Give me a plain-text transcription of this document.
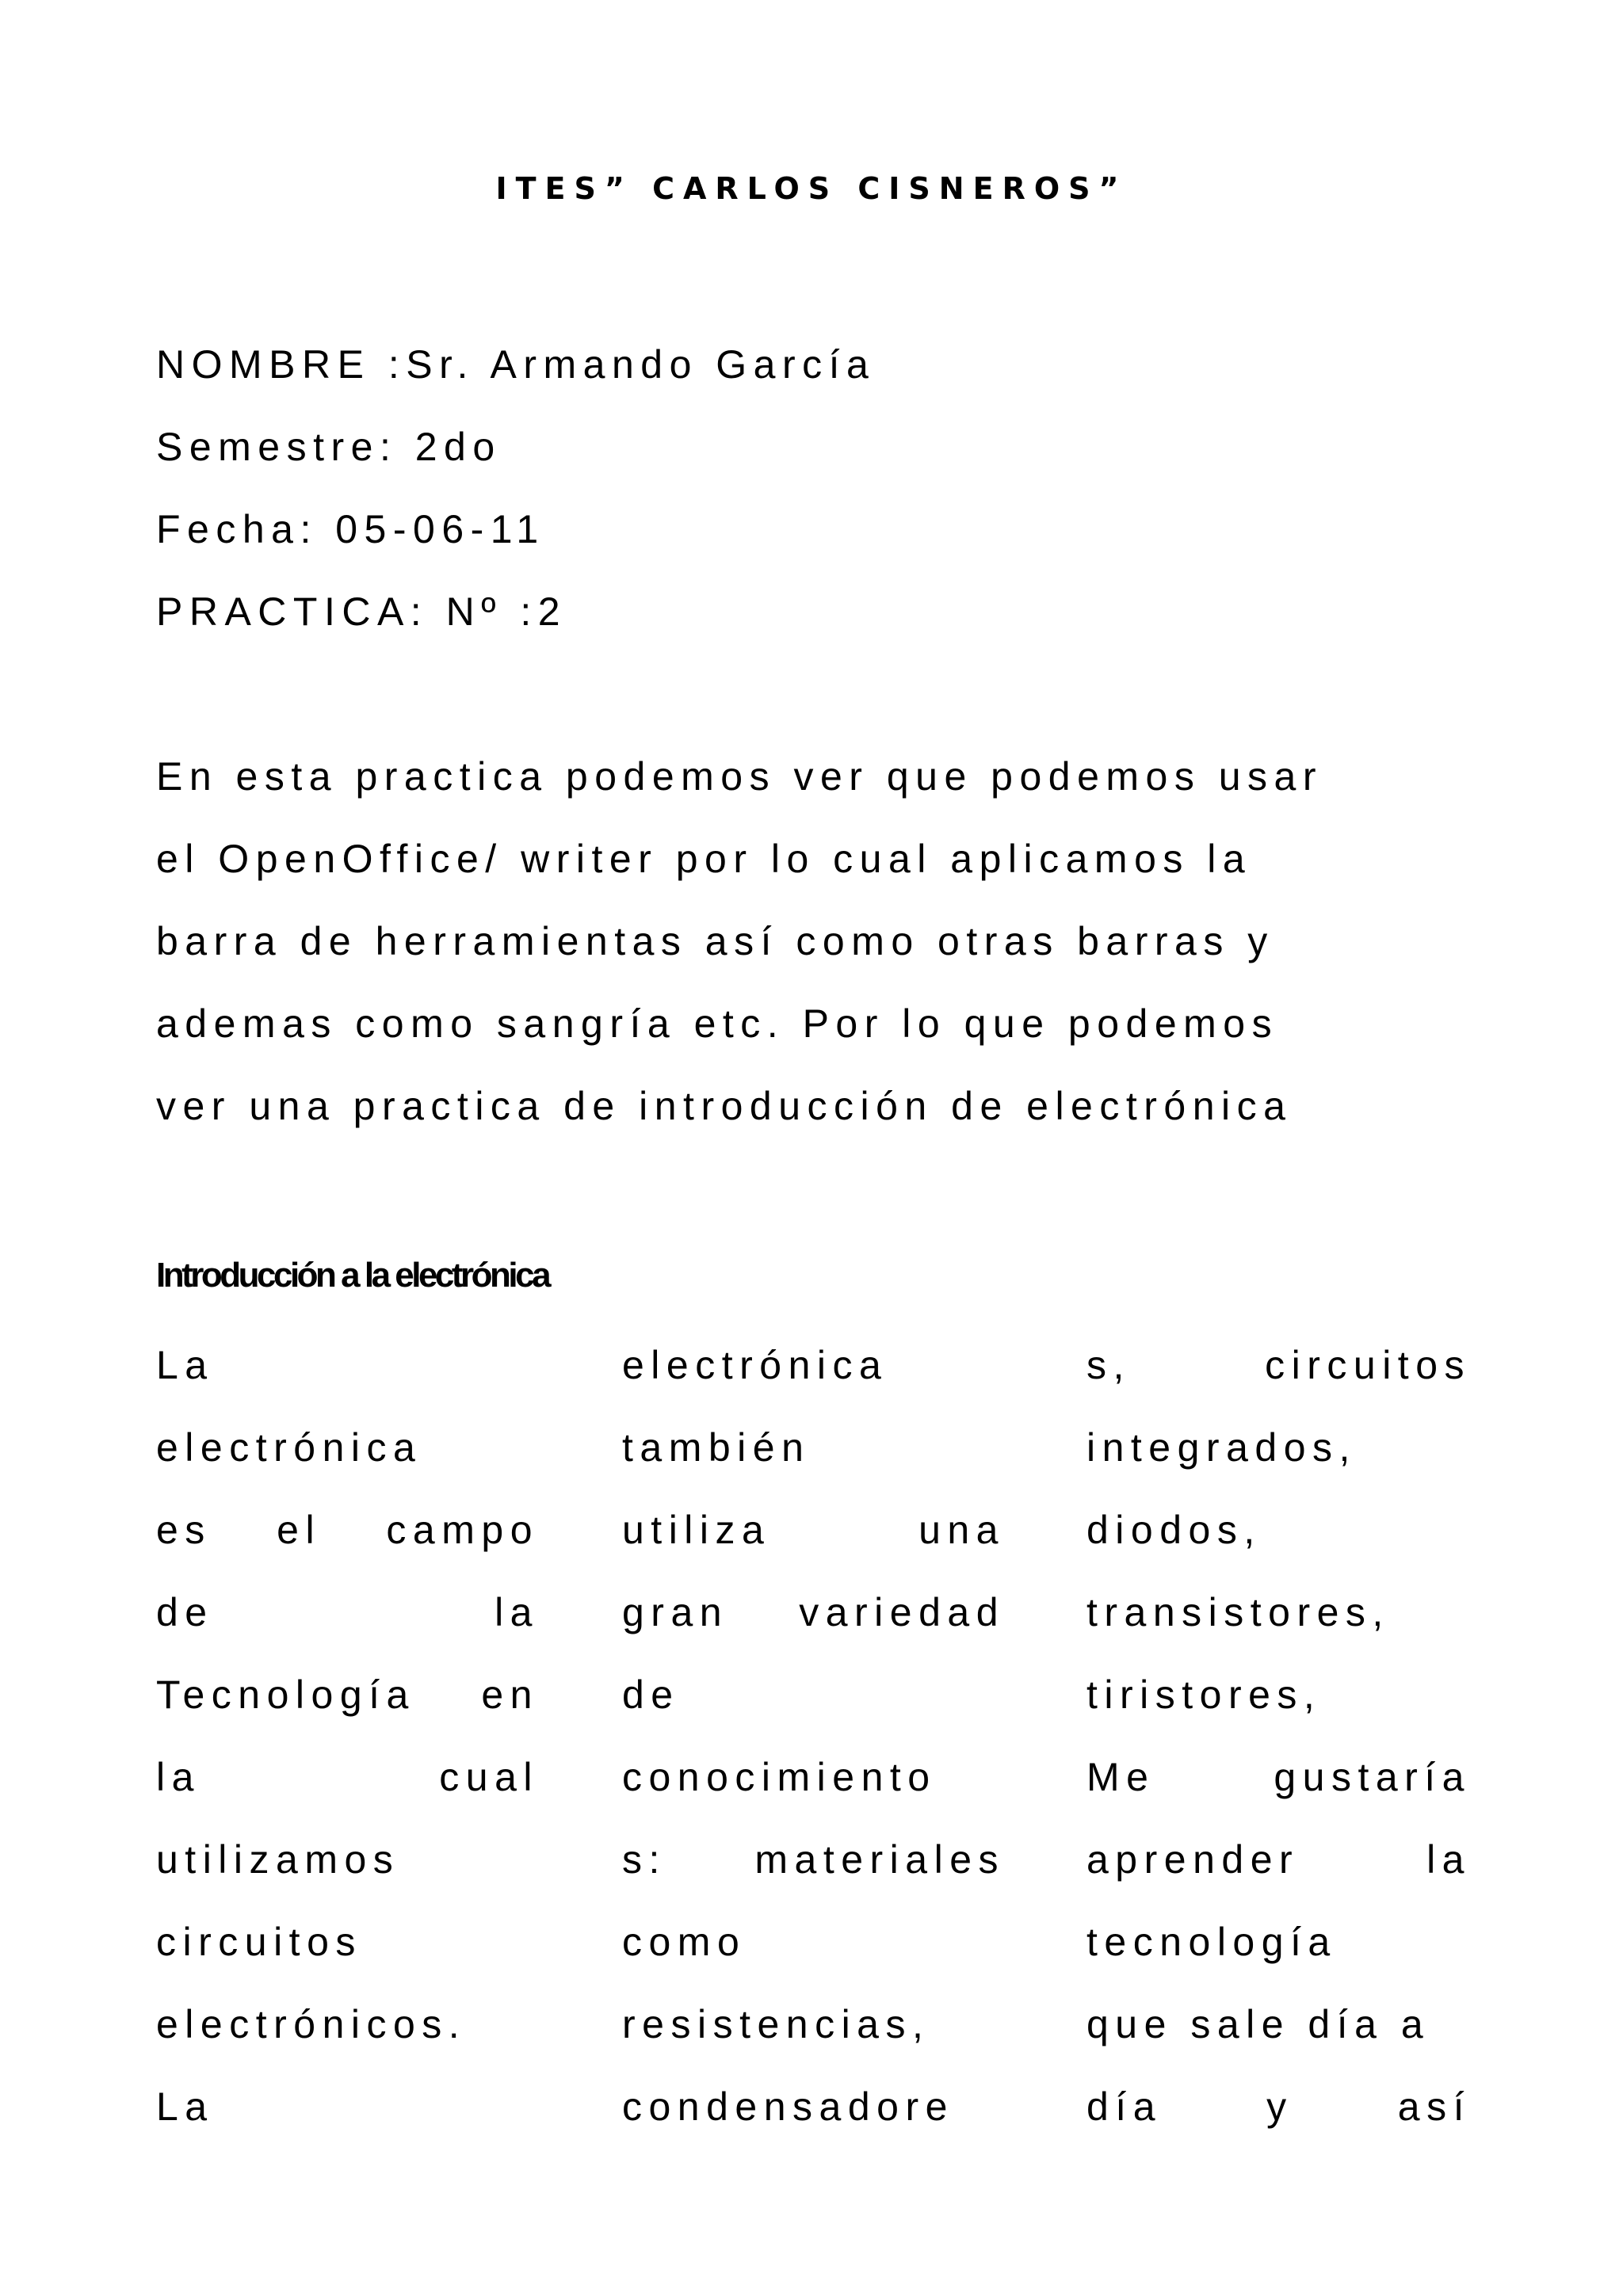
ITES” CARLOS CISNEROS”

NOMBRE :Sr. Armando García

Semestre: 2do

Fecha: 05-06-11

PRACTICA: Nº :2

En esta practica podemos ver que podemos usar

el OpenOffice/ writer por lo cual aplicamos la

barra de herramientas así como otras barras y

ademas como sangría etc. Por lo que podemos

ver una practica de introducción de electrónica

Introducción a la electrónica
La
electrónica
es el campo
de	la
Tecnología en
la	cual
utilizamos
circuitos
electrónicos.
La
electrónica
también
utiliza	una
gran variedad
de
conocimiento
s: materiales
como
resistencias,
condensadore
s,	circuitos
integrados,
diodos,
transistores,
tiristores,
Me	gustaría
aprender	la
tecnología
que sale día a
día	y	así
